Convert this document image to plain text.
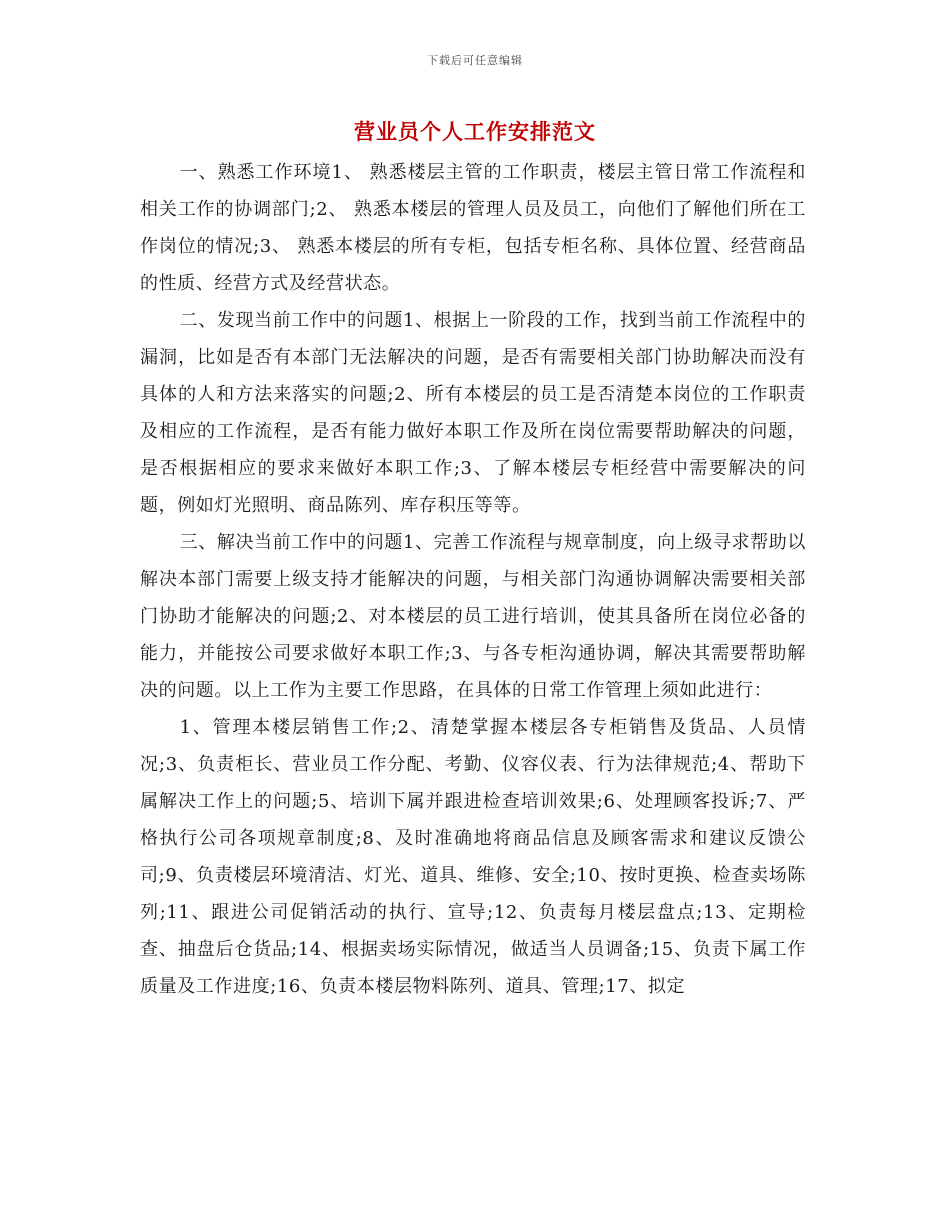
下载后可任意编辑
营业员个人工作安排范文

一、熟悉工作环境1、 熟悉楼层主管的工作职责，楼层主管日常工作流程和相关工作的协调部门;2、 熟悉本楼层的管理人员及员工，向他们了解他们所在工作岗位的情况;3、 熟悉本楼层的所有专柜，包括专柜名称、具体位置、经营商品的性质、经营方式及经营状态。

二、发现当前工作中的问题1、根据上一阶段的工作，找到当前工作流程中的漏洞，比如是否有本部门无法解决的问题，是否有需要相关部门协助解决而没有具体的人和方法来落实的问题;2、所有本楼层的员工是否清楚本岗位的工作职责及相应的工作流程，是否有能力做好本职工作及所在岗位需要帮助解决的问题，是否根据相应的要求来做好本职工作;3、了解本楼层专柜经营中需要解决的问题，例如灯光照明、商品陈列、库存积压等等。

三、解决当前工作中的问题1、完善工作流程与规章制度，向上级寻求帮助以解决本部门需要上级支持才能解决的问题，与相关部门沟通协调解决需要相关部门协助才能解决的问题;2、对本楼层的员工进行培训，使其具备所在岗位必备的能力，并能按公司要求做好本职工作;3、与各专柜沟通协调，解决其需要帮助解决的问题。以上工作为主要工作思路，在具体的日常工作管理上须如此进行：

1、管理本楼层销售工作;2、清楚掌握本楼层各专柜销售及货品、人员情况;3、负责柜长、营业员工作分配、考勤、仪容仪表、行为法律规范;4、帮助下属解决工作上的问题;5、培训下属并跟进检查培训效果;6、处理顾客投诉;7、严格执行公司各项规章制度;8、及时准确地将商品信息及顾客需求和建议反馈公司;9、负责楼层环境清洁、灯光、道具、维修、安全;10、按时更换、检查卖场陈列;11、跟进公司促销活动的执行、宣导;12、负责每月楼层盘点;13、定期检查、抽盘后仓货品;14、根据卖场实际情况，做适当人员调备;15、负责下属工作质量及工作进度;16、负责本楼层物料陈列、道具、管理;17、拟定
